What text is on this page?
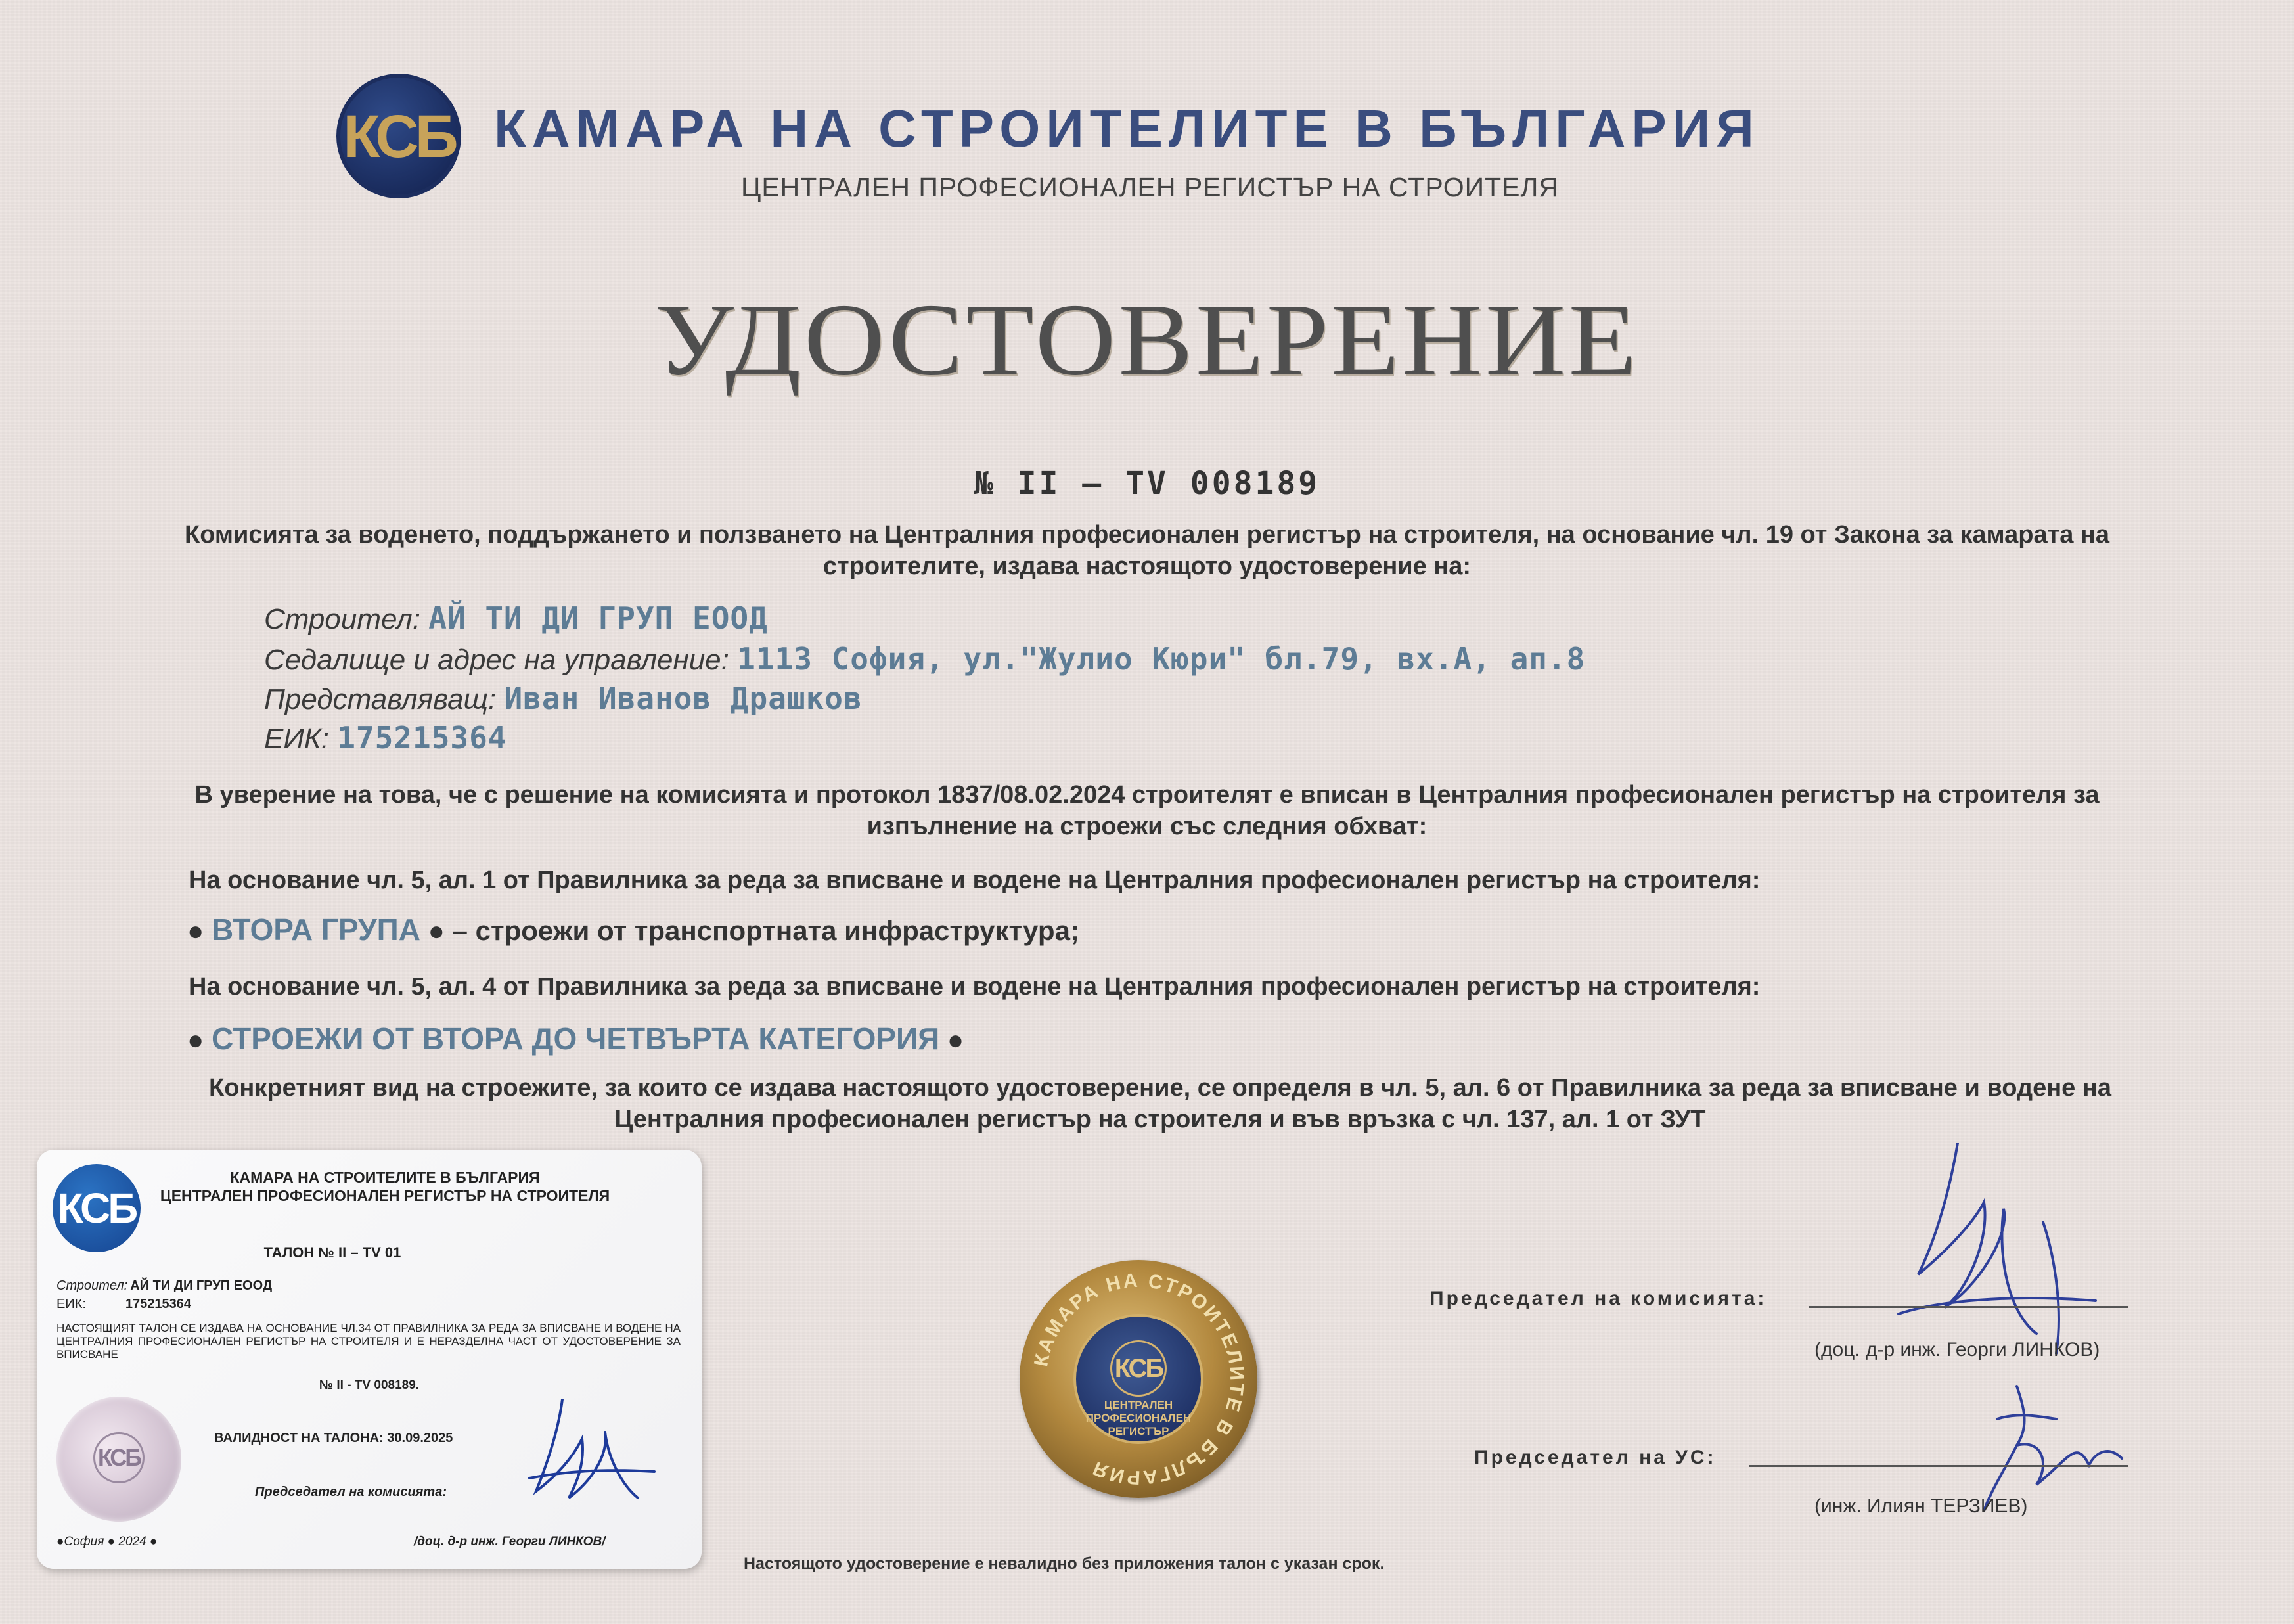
КСБ КАМАРА НА СТРОИТЕЛИТЕ В БЪЛГАРИЯ
ЦЕНТРАЛЕН ПРОФЕСИОНАЛЕН РЕГИСТЪР НА СТРОИТЕЛЯ
УДОСТОВЕРЕНИЕ
№ II – TV 008189
Комисията за воденето, поддържането и ползването на Централния професионален регистър на строителя, на основание чл. 19 от Закона за камарата на строителите, издава настоящото удостоверение на:
Строител: АЙ ТИ ДИ ГРУП ЕООД
Седалище и адрес на управление: 1113 София, ул."Жулио Кюри" бл.79, вх.А, ап.8
Представляващ: Иван Иванов Драшков
ЕИК: 175215364
В уверение на това, че с решение на комисията и протокол 1837/08.02.2024 строителят е вписан в Централния професионален регистър на строителя за изпълнение на строежи със следния обхват:
На основание чл. 5, ал. 1 от Правилника за реда за вписване и водене на Централния професионален регистър на строителя:
● ВТОРА ГРУПА ● – строежи от транспортната инфраструктура;
На основание чл. 5, ал. 4 от Правилника за реда за вписване и водене на Централния професионален регистър на строителя:
● СТРОЕЖИ ОТ ВТОРА ДО ЧЕТВЪРТА КАТЕГОРИЯ ●
Конкретният вид на строежите, за които се издава настоящото удостоверение, се определя в чл. 5, ал. 6 от Правилника за реда за вписване и водене на Централния професионален регистър на строителя и във връзка с чл. 137, ал. 1 от ЗУТ
КАМАРА НА СТРОИТЕЛИТЕ В БЪЛГАРИЯ
КСБ
ЦЕНТРАЛЕН
ПРОФЕСИОНАЛЕН
РЕГИСТЪР
Председател на комисията:
(доц. д-р инж. Георги ЛИНКОВ)
Председател на УС:
(инж. Илиян ТЕРЗИЕВ)
Настоящото удостоверение е невалидно без приложения талон с указан срок.
КСБ
КАМАРА НА СТРОИТЕЛИТЕ В БЪЛГАРИЯ
ЦЕНТРАЛЕН ПРОФЕСИОНАЛЕН РЕГИСТЪР НА СТРОИТЕЛЯ
ТАЛОН № II – TV 01
Строител: АЙ ТИ ДИ ГРУП ЕООД
ЕИК:	175215364
НАСТОЯЩИЯТ ТАЛОН СЕ ИЗДАВА НА ОСНОВАНИЕ ЧЛ.34 ОТ ПРАВИЛНИКА ЗА РЕДА ЗА ВПИСВАНЕ И ВОДЕНЕ НА ЦЕНТРАЛНИЯ ПРОФЕСИОНАЛЕН РЕГИСТЪР НА СТРОИТЕЛЯ И Е НЕРАЗДЕЛНА ЧАСТ ОТ УДОСТОВЕРЕНИЕ ЗА ВПИСВАНЕ
№ II - TV 008189.
КСБ
ВАЛИДНОСТ НА ТАЛОНА: 30.09.2025
Председател на комисията:
●София ● 2024 ●	/доц. д-р инж. Георги ЛИНКОВ/
